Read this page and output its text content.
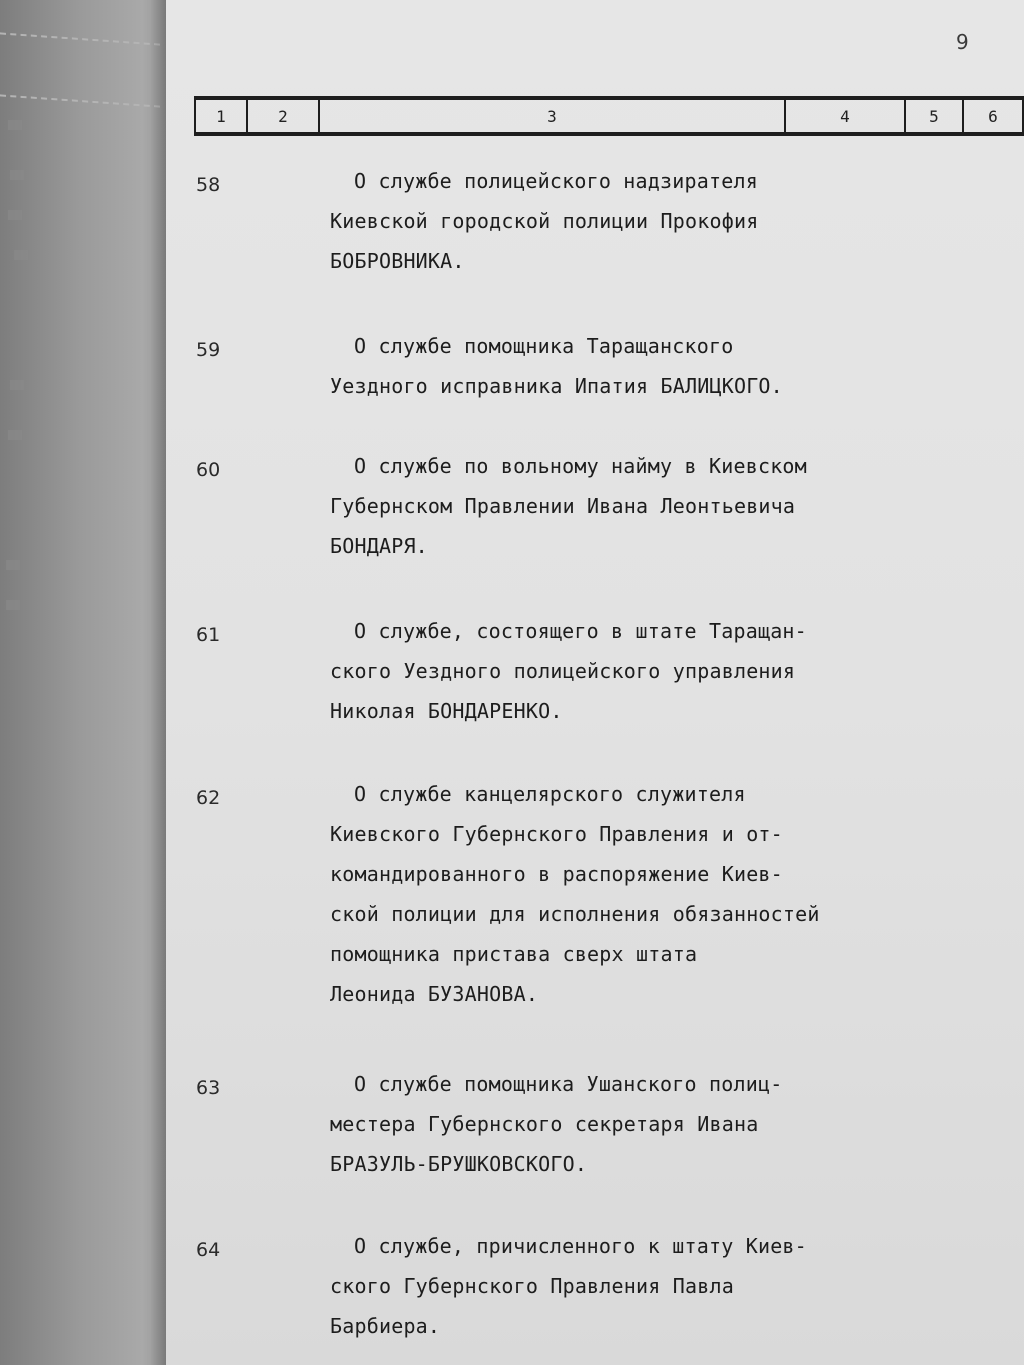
9
1	2	3	4	5	6
58	О службе полицейского надзирателя
Киевской городской полиции Прокофия
БОБРОВНИКА.
59	О службе помощника Таращанского
Уездного исправника Ипатия БАЛИЦКОГО.
60	О службе по вольному найму в Киевском
Губернском Правлении Ивана Леонтьевича
БОНДАРЯ.
61	О службе, состоящего в штате Таращан-
ского Уездного полицейского управления
Николая БОНДАРЕНКО.
62	О службе канцелярского служителя
Киевского Губернского Правления и от-
командированного в распоряжение Киев-
ской полиции для исполнения обязанностей
помощника пристава сверх штата
Леонида БУЗАНОВА.
63	О службе помощника Ушанского полиц-
местера Губернского секретаря Ивана
БРАЗУЛЬ-БРУШКОВСКОГО.
64	О службе, причисленного к штату Киев-
ского Губернского Правления Павла
Барбиера.
